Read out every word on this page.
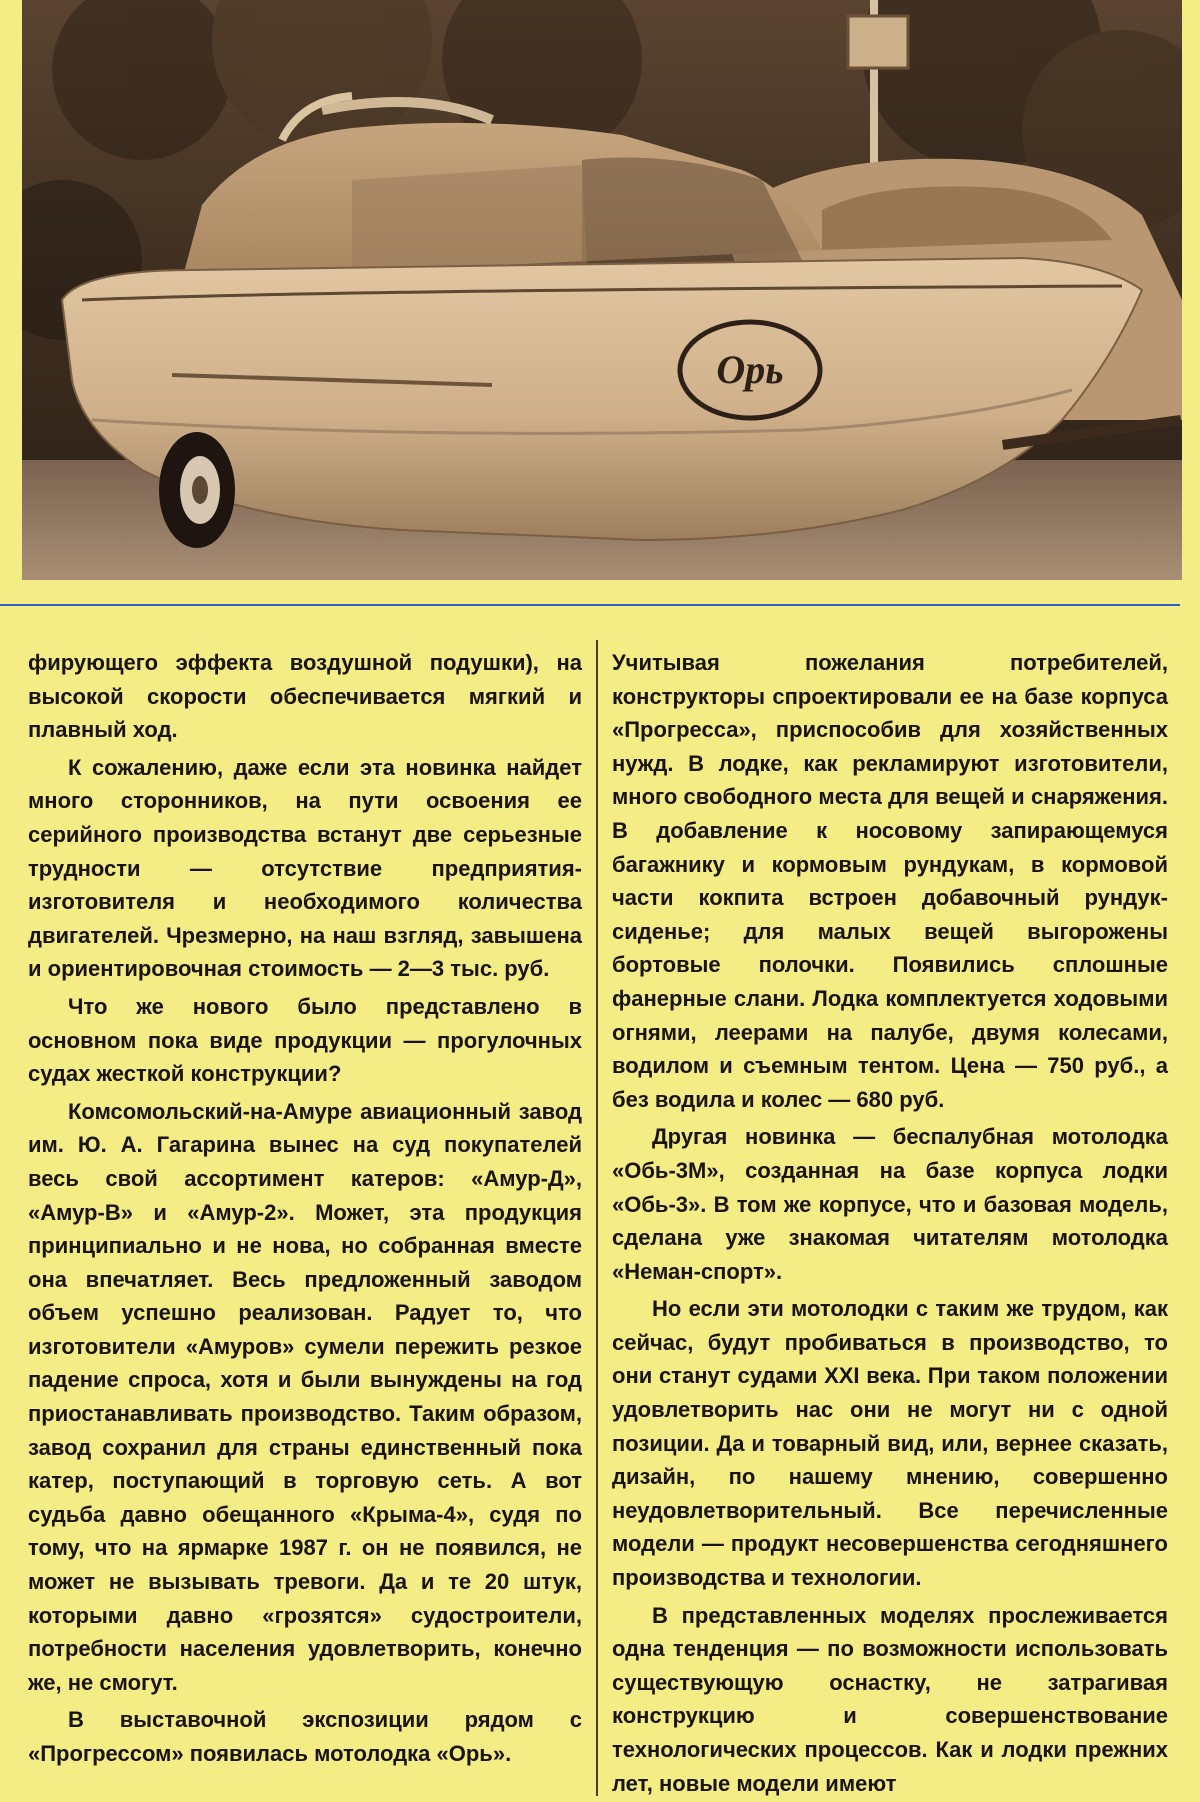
Орь

фирующего эффекта воздушной подушки), на высокой скорости обеспечивается мягкий и плавный ход.

К сожалению, даже если эта новинка найдет много сторонников, на пути освоения ее серийного производства встанут две серьезные трудности — отсутствие предприятия-изготовителя и необходимого количества двигателей. Чрезмерно, на наш взгляд, завышена и ориентировочная стоимость — 2—3 тыс. руб.

Что же нового было представлено в основном пока виде продукции — прогулочных судах жесткой конструкции?

Комсомольский-на-Амуре авиационный завод им. Ю. А. Гагарина вынес на суд покупателей весь свой ассортимент катеров: «Амур-Д», «Амур-В» и «Амур-2». Может, эта продукция принципиально и не нова, но собранная вместе она впечатляет. Весь предложенный заводом объем успешно реализован. Радует то, что изготовители «Амуров» сумели пережить резкое падение спроса, хотя и были вынуждены на год приостанавливать производство. Таким образом, завод сохранил для страны единственный пока катер, поступающий в торговую сеть. А вот судьба давно обещанного «Крыма-4», судя по тому, что на ярмарке 1987 г. он не появился, не может не вызывать тревоги. Да и те 20 штук, которыми давно «грозятся» судостроители, потребности населения удовлетворить, конечно же, не смогут.

В выставочной экспозиции рядом с «Прогрессом» появилась мотолодка «Орь».

Учитывая пожелания потребителей, конструкторы спроектировали ее на базе корпуса «Прогресса», приспособив для хозяйственных нужд. В лодке, как рекламируют изготовители, много свободного места для вещей и снаряжения. В добавление к носовому запирающемуся багажнику и кормовым рундукам, в кормовой части кокпита встроен добавочный рундук-сиденье; для малых вещей выгорожены бортовые полочки. Появились сплошные фанерные слани. Лодка комплектуется ходовыми огнями, леерами на палубе, двумя колесами, водилом и съемным тентом. Цена — 750 руб., а без водила и колес — 680 руб.

Другая новинка — беспалубная мотолодка «Обь-3М», созданная на базе корпуса лодки «Обь-3». В том же корпусе, что и базовая модель, сделана уже знакомая читателям мотолодка «Неман-спорт».

Но если эти мотолодки с таким же трудом, как сейчас, будут пробиваться в производство, то они станут судами XXI века. При таком положении удовлетворить нас они не могут ни с одной позиции. Да и товарный вид, или, вернее сказать, дизайн, по нашему мнению, совершенно неудовлетворительный. Все перечисленные модели — продукт несовершенства сегодняшнего производства и технологии.

В представленных моделях прослеживается одна тенденция — по возможности использовать существующую оснастку, не затрагивая конструкцию и совершенствование технологических процессов. Как и лодки прежних лет, новые модели имеют
